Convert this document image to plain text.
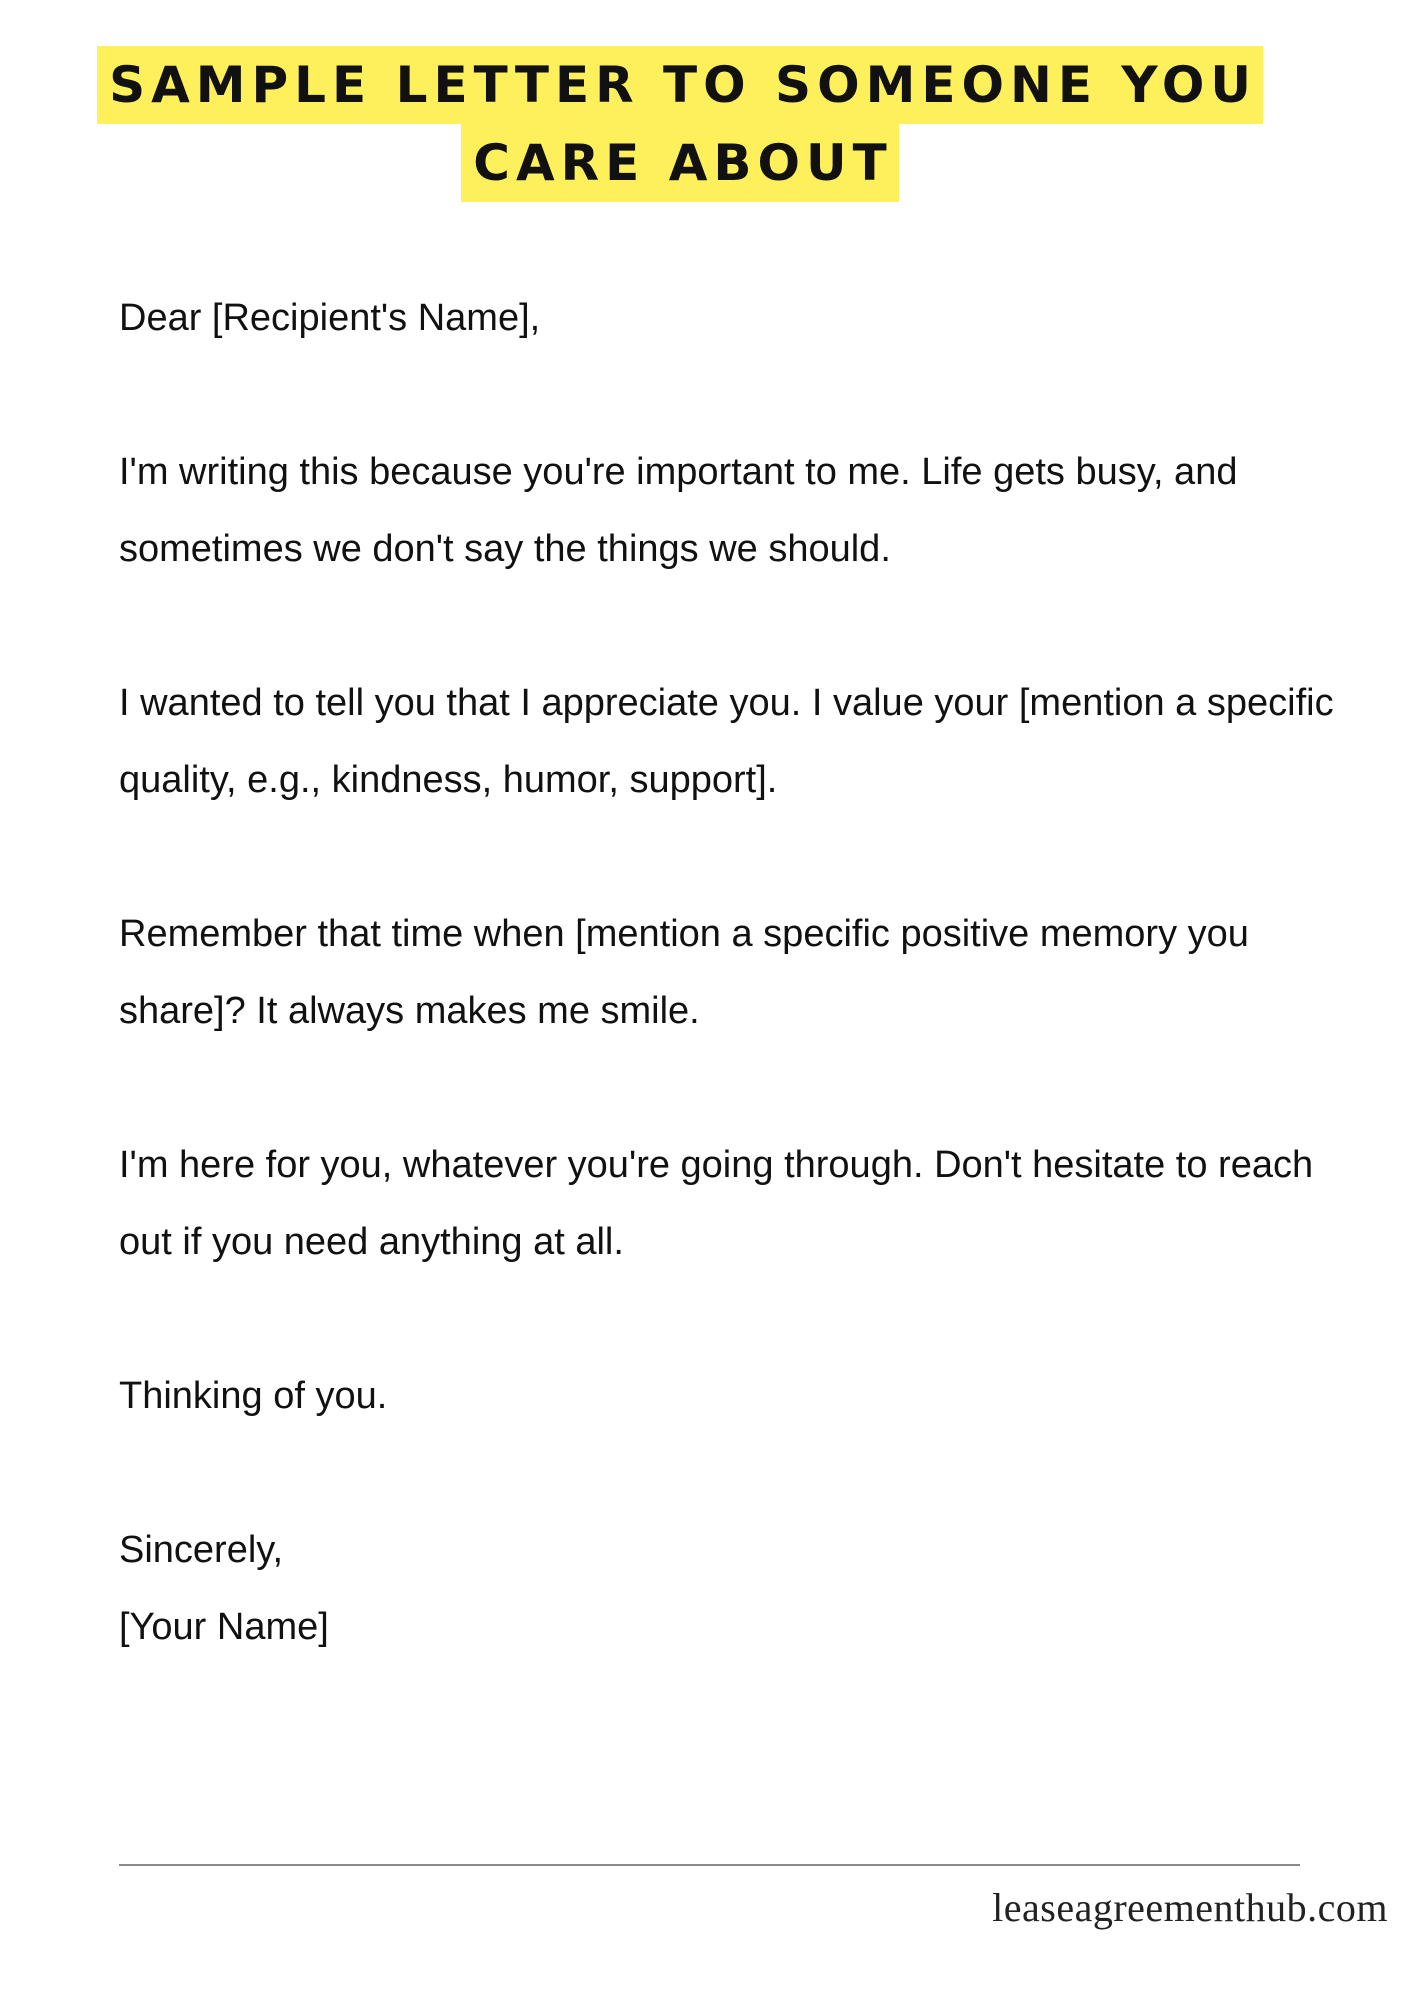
SAMPLE LETTER TO SOMEONE YOU
CARE ABOUT

Dear [Recipient's Name],

I'm writing this because you're important to me. Life gets busy, and sometimes we don't say the things we should.

I wanted to tell you that I appreciate you. I value your [mention a specific quality, e.g., kindness, humor, support].

Remember that time when [mention a specific positive memory you share]? It always makes me smile.

I'm here for you, whatever you're going through. Don't hesitate to reach out if you need anything at all.

Thinking of you.

Sincerely,
[Your Name]
leaseagreementhub.com
